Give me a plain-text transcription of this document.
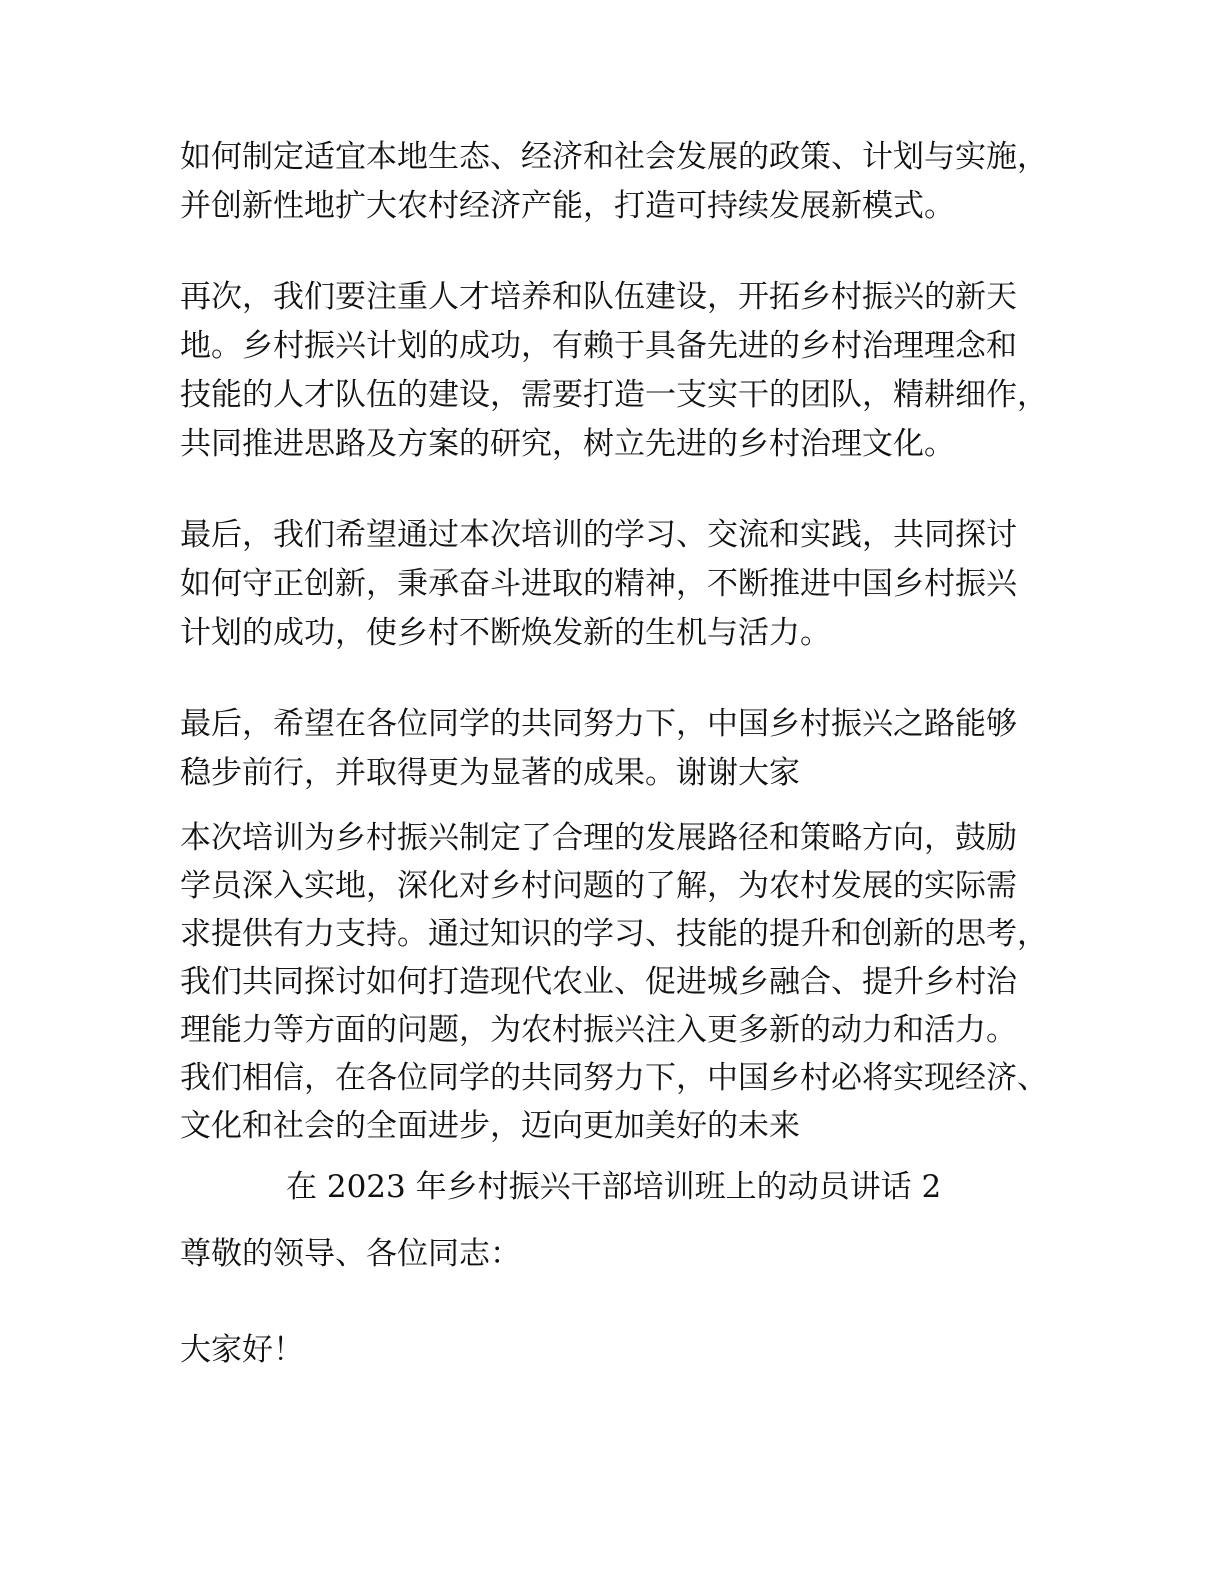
如何制定适宜本地生态、经济和社会发展的政策、计划与实施，
并创新性地扩大农村经济产能，打造可持续发展新模式。
再次，我们要注重人才培养和队伍建设，开拓乡村振兴的新天
地。乡村振兴计划的成功，有赖于具备先进的乡村治理理念和
技能的人才队伍的建设，需要打造一支实干的团队，精耕细作，
共同推进思路及方案的研究，树立先进的乡村治理文化。
最后，我们希望通过本次培训的学习、交流和实践，共同探讨
如何守正创新，秉承奋斗进取的精神，不断推进中国乡村振兴
计划的成功，使乡村不断焕发新的生机与活力。
最后，希望在各位同学的共同努力下，中国乡村振兴之路能够
稳步前行，并取得更为显著的成果。谢谢大家
本次培训为乡村振兴制定了合理的发展路径和策略方向，鼓励
学员深入实地，深化对乡村问题的了解，为农村发展的实际需
求提供有力支持。通过知识的学习、技能的提升和创新的思考，
我们共同探讨如何打造现代农业、促进城乡融合、提升乡村治
理能力等方面的问题，为农村振兴注入更多新的动力和活力。
我们相信，在各位同学的共同努力下，中国乡村必将实现经济、
文化和社会的全面进步，迈向更加美好的未来
在 2023 年乡村振兴干部培训班上的动员讲话 2
尊敬的领导、各位同志：
大家好！
